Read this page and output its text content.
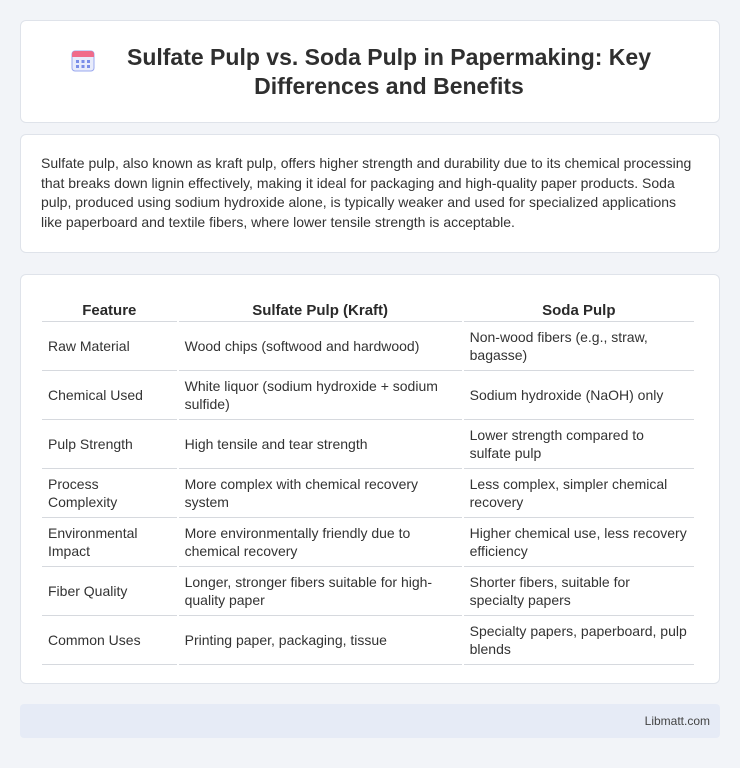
Sulfate Pulp vs. Soda Pulp in Papermaking: Key Differences and Benefits

Sulfate pulp, also known as kraft pulp, offers higher strength and durability due to its chemical processing that breaks down lignin effectively, making it ideal for packaging and high-quality paper products. Soda pulp, produced using sodium hydroxide alone, is typically weaker and used for specialized applications like paperboard and textile fibers, where lower tensile strength is acceptable.

Feature	Sulfate Pulp (Kraft)	Soda Pulp
Raw Material	Wood chips (softwood and hardwood)	Non-wood fibers (e.g., straw, bagasse)
Chemical Used	White liquor (sodium hydroxide + sodium sulfide)	Sodium hydroxide (NaOH) only
Pulp Strength	High tensile and tear strength	Lower strength compared to sulfate pulp
Process Complexity	More complex with chemical recovery system	Less complex, simpler chemical recovery
Environmental Impact	More environmentally friendly due to chemical recovery	Higher chemical use, less recovery efficiency
Fiber Quality	Longer, stronger fibers suitable for high-quality paper	Shorter fibers, suitable for specialty papers
Common Uses	Printing paper, packaging, tissue	Specialty papers, paperboard, pulp blends
Libmatt.com
